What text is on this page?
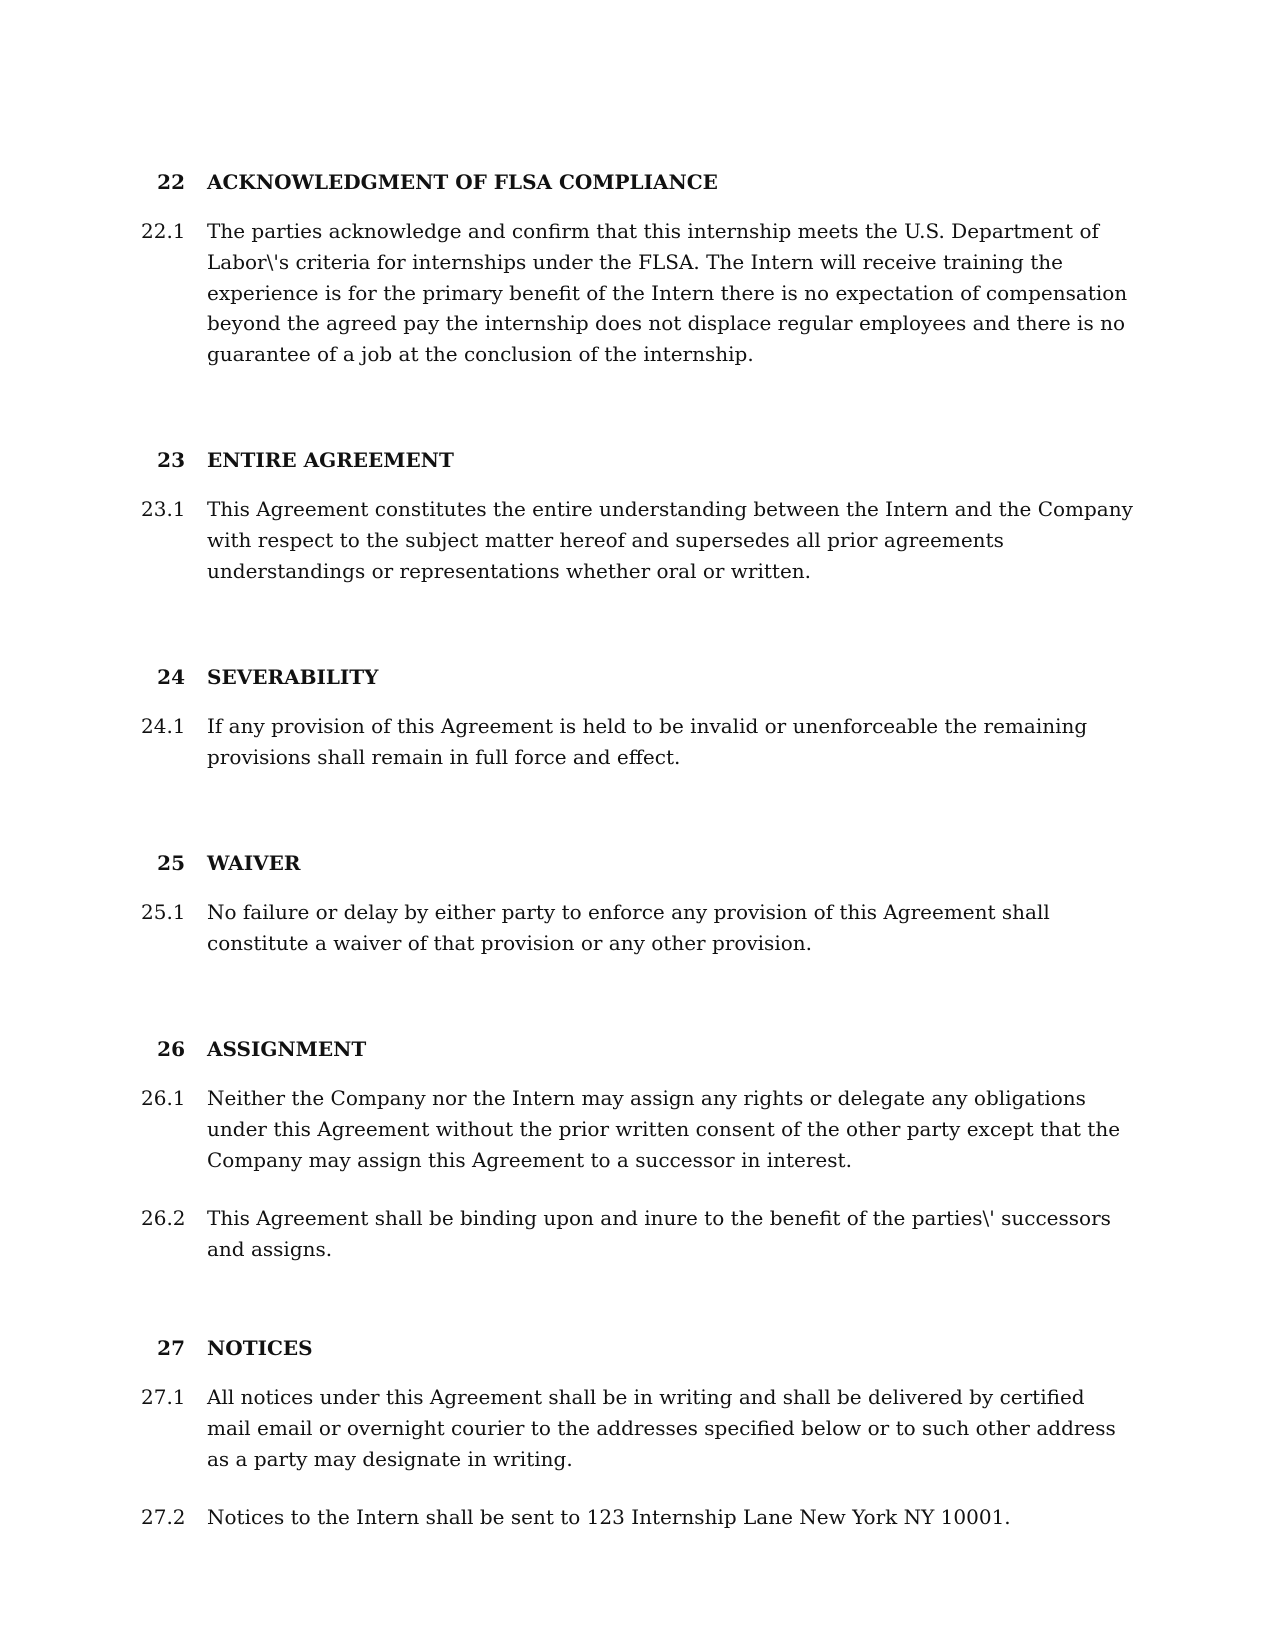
22 ACKNOWLEDGMENT OF FLSA COMPLIANCE
22.1 The parties acknowledge and confirm that this internship meets the U.S. Department of Labor\'s criteria for internships under the FLSA. The Intern will receive training the experience is for the primary benefit of the Intern there is no expectation of compensation beyond the agreed pay the internship does not displace regular employees and there is no guarantee of a job at the conclusion of the internship.
23 ENTIRE AGREEMENT
23.1 This Agreement constitutes the entire understanding between the Intern and the Company with respect to the subject matter hereof and supersedes all prior agreements understandings or representations whether oral or written.
24 SEVERABILITY
24.1 If any provision of this Agreement is held to be invalid or unenforceable the remaining provisions shall remain in full force and effect.
25 WAIVER
25.1 No failure or delay by either party to enforce any provision of this Agreement shall constitute a waiver of that provision or any other provision.
26 ASSIGNMENT
26.1 Neither the Company nor the Intern may assign any rights or delegate any obligations under this Agreement without the prior written consent of the other party except that the Company may assign this Agreement to a successor in interest.
26.2 This Agreement shall be binding upon and inure to the benefit of the parties\' successors and assigns.
27 NOTICES
27.1 All notices under this Agreement shall be in writing and shall be delivered by certified mail email or overnight courier to the addresses specified below or to such other address as a party may designate in writing.
27.2 Notices to the Intern shall be sent to 123 Internship Lane New York NY 10001.
